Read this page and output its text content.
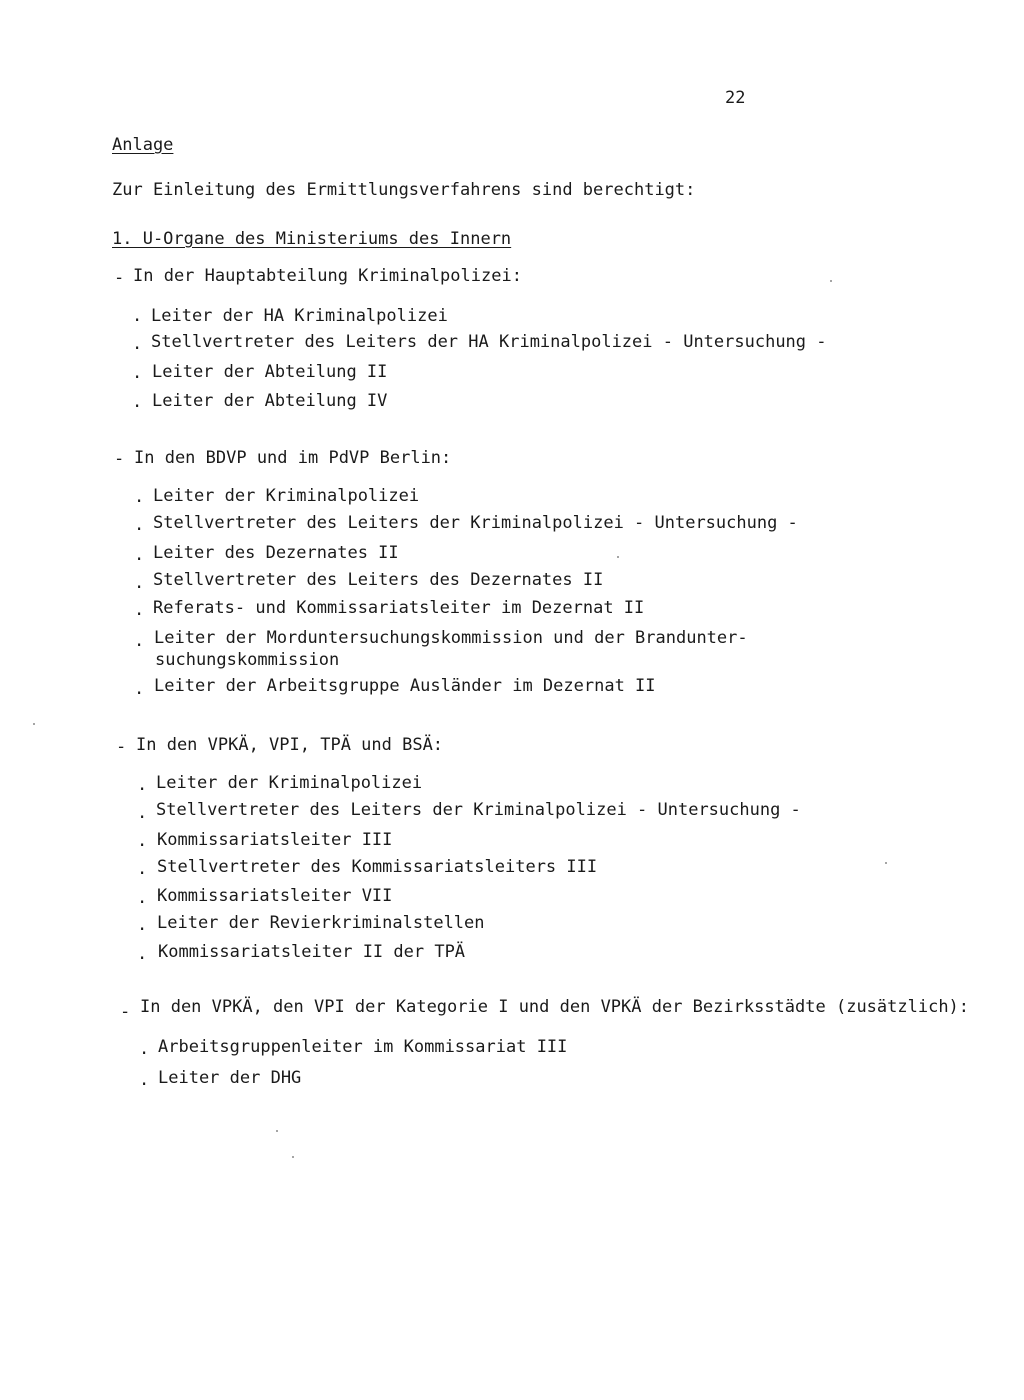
22
Anlage
Zur Einleitung des Ermittlungsverfahrens sind berechtigt:
1. U-Organe des Ministeriums des Innern
- In der Hauptabteilung Kriminalpolizei:
. Leiter der HA Kriminalpolizei
. Stellvertreter des Leiters der HA Kriminalpolizei - Untersuchung -
. Leiter der Abteilung II
. Leiter der Abteilung IV
- In den BDVP und im PdVP Berlin:
. Leiter der Kriminalpolizei
. Stellvertreter des Leiters der Kriminalpolizei - Untersuchung -
. Leiter des Dezernates II
. Stellvertreter des Leiters des Dezernates II
. Referats- und Kommissariatsleiter im Dezernat II
. Leiter der Morduntersuchungskommission und der Brandunter-
suchungskommission
. Leiter der Arbeitsgruppe Ausländer im Dezernat II
- In den VPKÄ, VPI, TPÄ und BSÄ:
. Leiter der Kriminalpolizei
. Stellvertreter des Leiters der Kriminalpolizei - Untersuchung -
. Kommissariatsleiter III
. Stellvertreter des Kommissariatsleiters III
. Kommissariatsleiter VII
. Leiter der Revierkriminalstellen
. Kommissariatsleiter II der TPÄ
- In den VPKÄ, den VPI der Kategorie I und den VPKÄ der Bezirksstädte (zusätzlich):
. Arbeitsgruppenleiter im Kommissariat III
. Leiter der DHG
